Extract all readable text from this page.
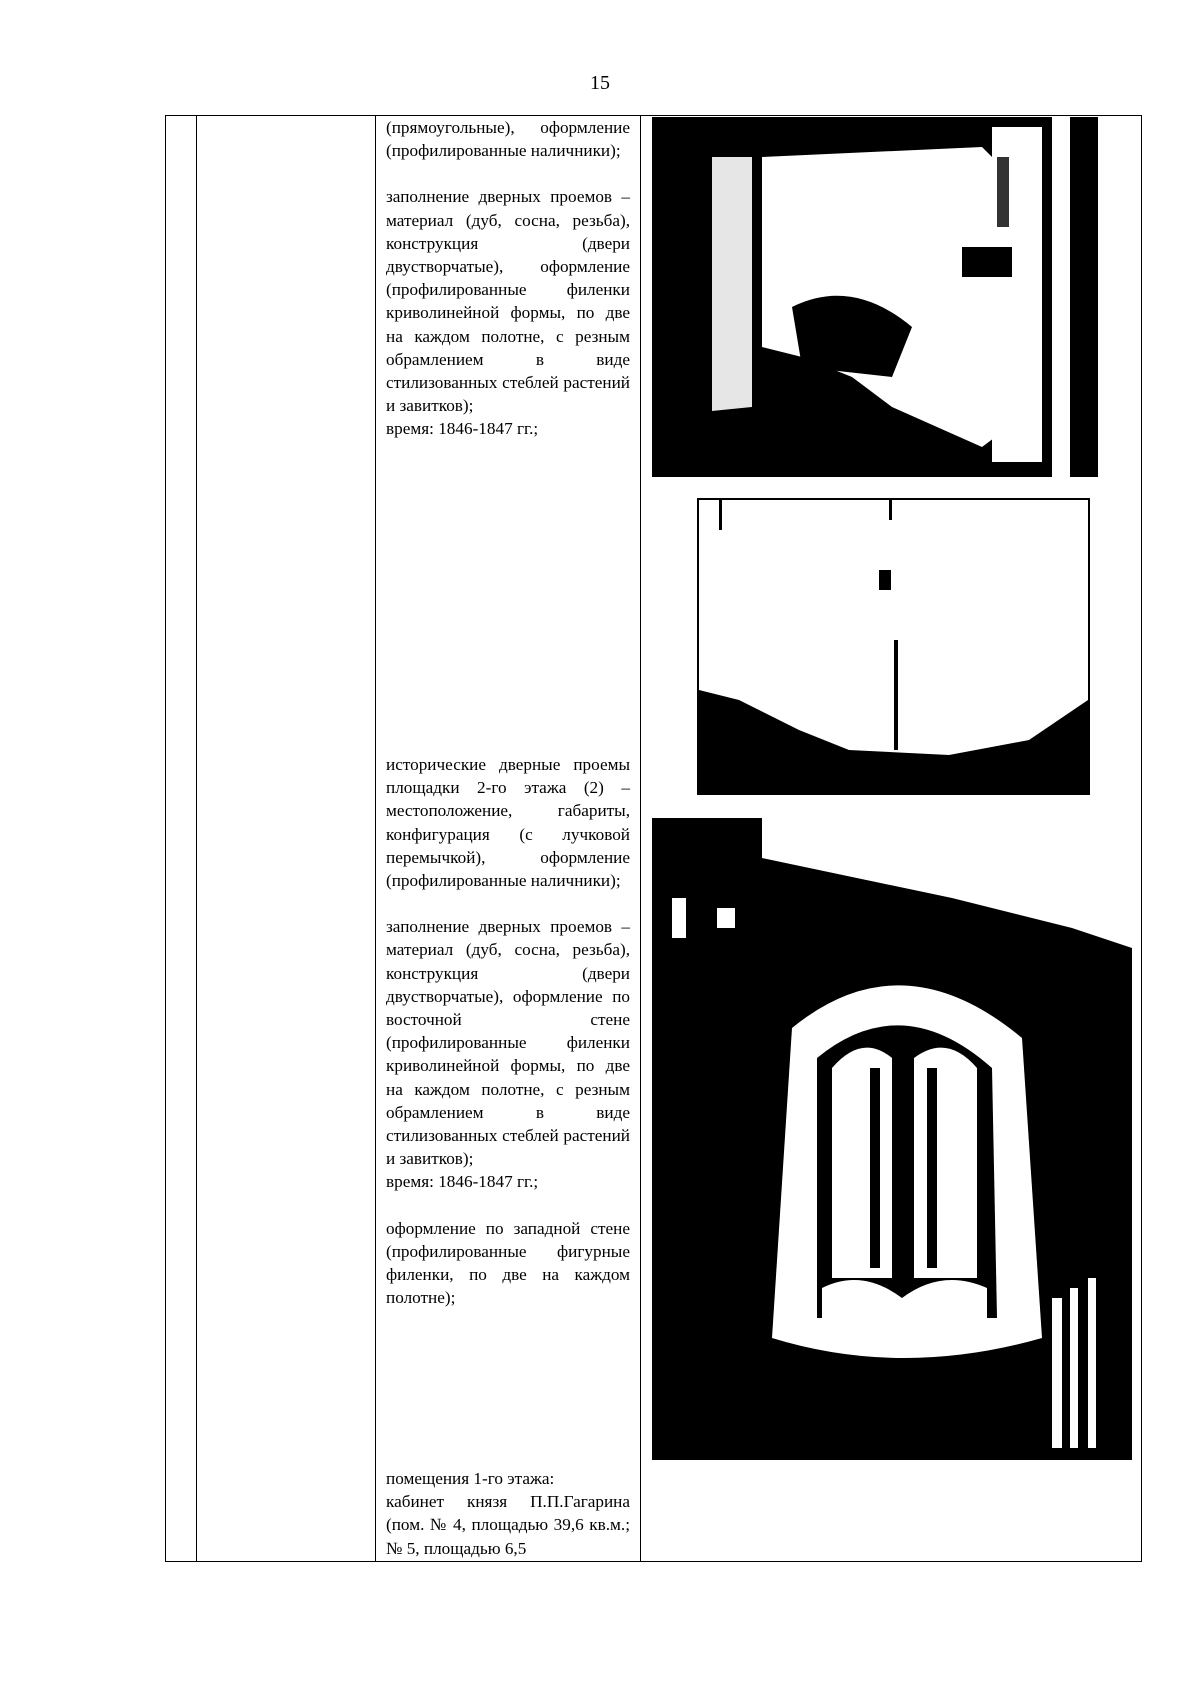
15

(прямоугольные), оформление (профилированные наличники);

заполнение дверных проемов – материал (дуб, сосна, резьба), конструкция (двери двустворчатые), оформление (профилированные филенки криволинейной формы, по две на каждом полотне, с резным обрамлением в виде стилизованных стеблей растений и завитков);

время: 1846-1847 гг.;

исторические дверные проемы площадки 2-го этажа (2) – местоположение, габариты, конфигурация (с лучковой перемычкой), оформление (профилированные наличники);

заполнение дверных проемов – материал (дуб, сосна, резьба), конструкция (двери двустворчатые), оформление по восточной стене (профилированные филенки криволинейной формы, по две на каждом полотне, с резным обрамлением в виде стилизованных стеблей растений и завитков);

время: 1846-1847 гг.;

оформление по западной стене (профилированные фигурные филенки, по две на каждом полотне);

помещения 1-го этажа:

кабинет князя П.П.Гагарина (пом. № 4, площадью 39,6 кв.м.; № 5, площадью 6,5
